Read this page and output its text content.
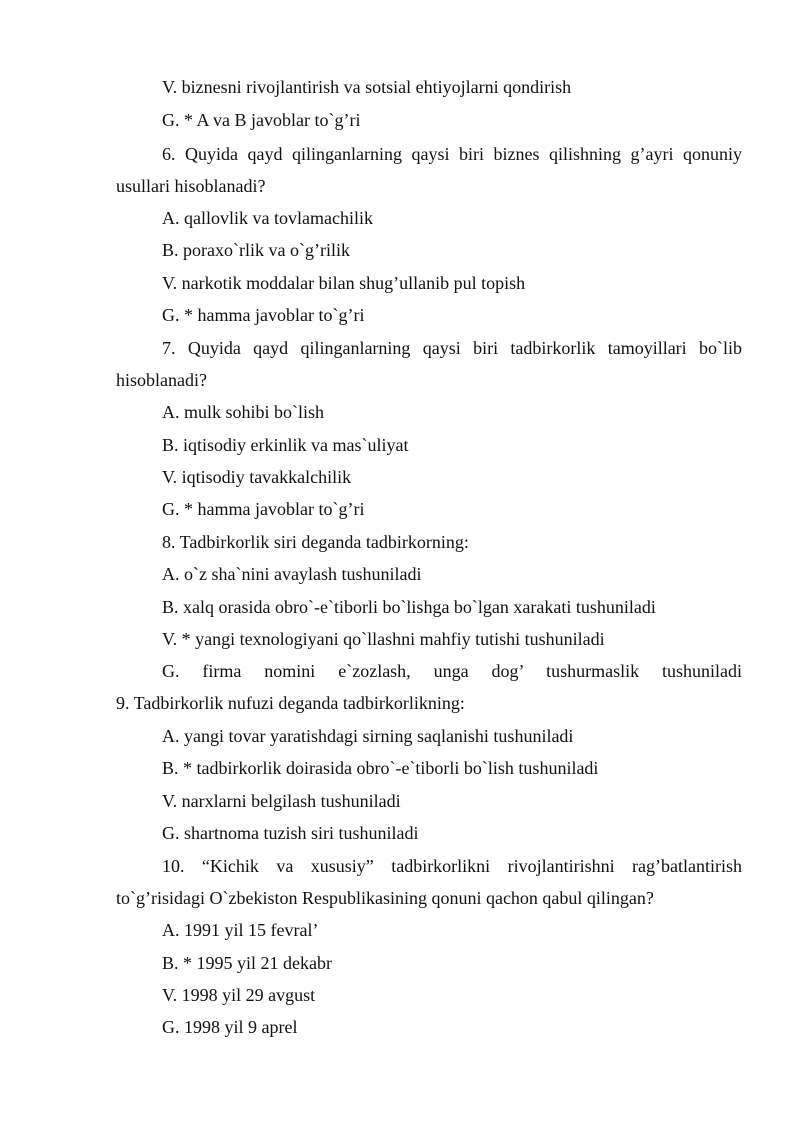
V. biznesni rivojlantirish va sotsial ehtiyojlarni qondirish
G. * A va B javoblar to`g’ri
6. Quyida qayd qilinganlarning qaysi biri biznes qilishning g’ayri qonuniy
usullari hisoblanadi?
A. qallovlik va tovlamachilik
B. poraxo`rlik va o`g’rilik
V. narkotik moddalar bilan shug’ullanib pul topish
G. * hamma javoblar to`g’ri
7. Quyida qayd qilinganlarning qaysi biri tadbirkorlik tamoyillari bo`lib
hisoblanadi?
A. mulk sohibi bo`lish
B. iqtisodiy erkinlik va mas`uliyat
V. iqtisodiy tavakkalchilik
G. * hamma javoblar to`g’ri
8. Tadbirkorlik siri deganda tadbirkorning:
A. o`z sha`nini avaylash tushuniladi
B. xalq orasida obro`-e`tiborli bo`lishga bo`lgan xarakati tushuniladi
V. * yangi texnologiyani qo`llashni mahfiy tutishi tushuniladi
G. firma nomini e`zozlash, unga dog’ tushurmaslik tushuniladi
9. Tadbirkorlik nufuzi deganda tadbirkorlikning:
A. yangi tovar yaratishdagi sirning saqlanishi tushuniladi
B. * tadbirkorlik doirasida obro`-e`tiborli bo`lish tushuniladi
V. narxlarni belgilash tushuniladi
G. shartnoma tuzish siri tushuniladi
10. “Kichik va xususiy” tadbirkorlikni rivojlantirishni rag’batlantirish
to`g’risidagi O`zbekiston Respublikasining qonuni qachon qabul qilingan?
A. 1991 yil 15 fevral’
B. * 1995 yil 21 dekabr
V. 1998 yil 29 avgust
G. 1998 yil 9 aprel
